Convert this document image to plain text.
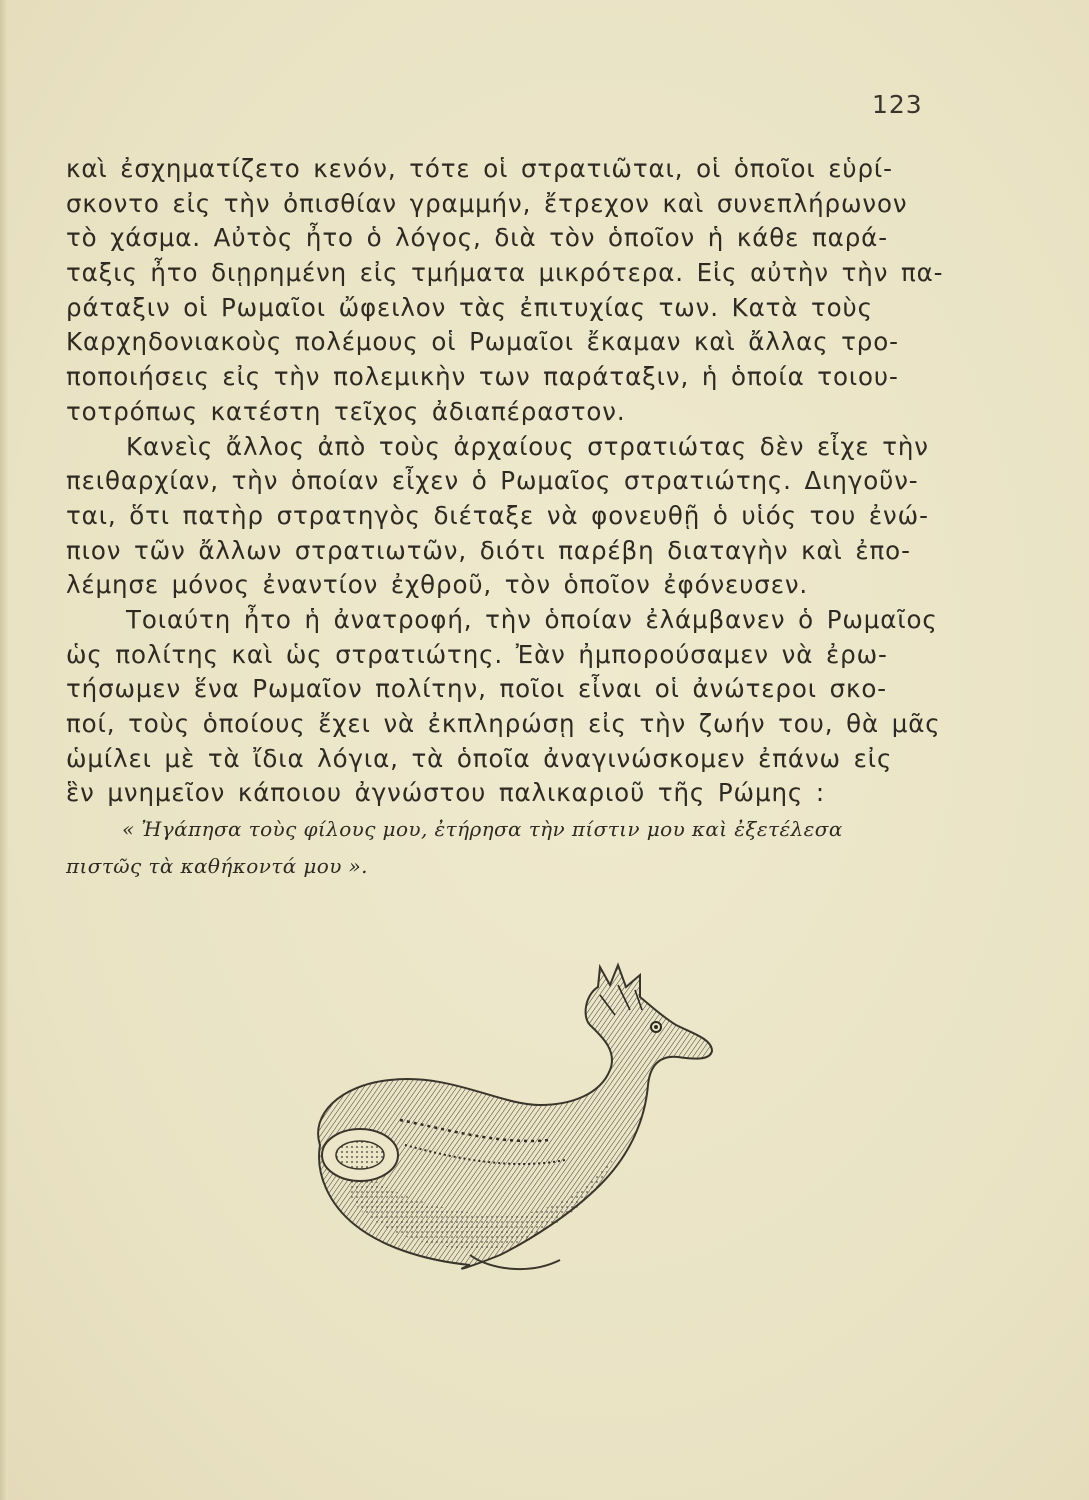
123
καὶ ἐσχηματίζετο κενόν, τότε οἱ στρατιῶται, οἱ ὁποῖοι εὑρί-
σκοντο εἰς τὴν ὀπισθίαν γραμμήν, ἔτρεχον καὶ συνεπλήρωνον
τὸ χάσμα. Αὐτὸς ἦτο ὁ λόγος, διὰ τὸν ὁποῖον ἡ κάθε παρά-
ταξις ἦτο διῃρημένη εἰς τμήματα μικρότερα. Εἰς αὐτὴν τὴν πα-
ράταξιν οἱ Ρωμαῖοι ὤφειλον τὰς ἐπιτυχίας των. Κατὰ τοὺς
Καρχηδονιακοὺς πολέμους οἱ Ρωμαῖοι ἔκαμαν καὶ ἄλλας τρο-
ποποιήσεις εἰς τὴν πολεμικὴν των παράταξιν, ἡ ὁποία τοιου-
τοτρόπως κατέστη τεῖχος ἀδιαπέραστον.
Κανεὶς ἄλλος ἀπὸ τοὺς ἀρχαίους στρατιώτας δὲν εἶχε τὴν
πειθαρχίαν, τὴν ὁποίαν εἶχεν ὁ Ρωμαῖος στρατιώτης. Διηγοῦν-
ται, ὅτι πατὴρ στρατηγὸς διέταξε νὰ φονευθῇ ὁ υἱός του ἐνώ-
πιον τῶν ἄλλων στρατιωτῶν, διότι παρέβη διαταγὴν καὶ ἐπο-
λέμησε μόνος ἐναντίον ἐχθροῦ, τὸν ὁποῖον ἐφόνευσεν.
Τοιαύτη ἦτο ἡ ἀνατροφή, τὴν ὁποίαν ἐλάμβανεν ὁ Ρωμαῖος
ὡς πολίτης καὶ ὡς στρατιώτης. Ἐὰν ἠμπορούσαμεν νὰ ἐρω-
τήσωμεν ἕνα Ρωμαῖον πολίτην, ποῖοι εἶναι οἱ ἀνώτεροι σκο-
ποί, τοὺς ὁποίους ἔχει νὰ ἐκπληρώσῃ εἰς τὴν ζωήν του, θὰ μᾶς
ὡμίλει μὲ τὰ ἴδια λόγια, τὰ ὁποῖα ἀναγινώσκομεν ἐπάνω εἰς
ἓν μνημεῖον κάποιου ἀγνώστου παλικαριοῦ τῆς Ρώμης :
« Ἠγάπησα τοὺς φίλους μου, ἐτήρησα τὴν πίστιν μου καὶ ἐξετέλεσα
πιστῶς τὰ καθήκοντά μου ».
